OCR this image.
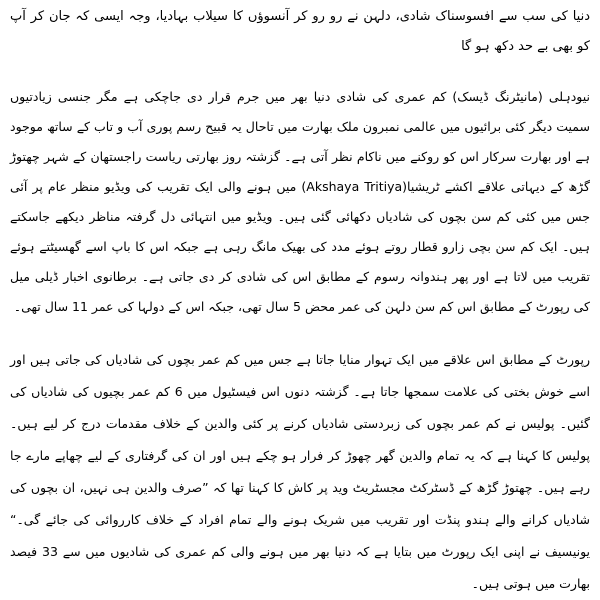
دنیا کی سب سے افسوسناک شادی، دلہن نے رو رو کر آنسوؤں کا سیلاب بہادیا، وجہ ایسی کہ جان کر آپ کو بھی بے حد دکھ ہو گا

نیودہلی (مانیٹرنگ ڈیسک) کم عمری کی شادی دنیا بھر میں جرم قرار دی جاچکی ہے مگر جنسی زیادتیوں سمیت دیگر کئی برائیوں میں عالمی نمبرون ملک بھارت میں تاحال یہ قبیح رسم پوری آب و تاب کے ساتھ موجود ہے اور بھارت سرکار اس کو روکنے میں ناکام نظر آتی ہے۔ گزشتہ روز بھارتی ریاست راجستھان کے شہر چھتوڑ گڑھ کے دیہاتی علاقے اکشے ٹریشیا(Akshaya Tritiya) میں ہونے والی ایک تقریب کی ویڈیو منظر عام پر آئی جس میں کئی کم سن بچوں کی شادیاں دکھائی گئی ہیں۔ ویڈیو میں انتہائی دل گرفتہ مناظر دیکھے جاسکتے ہیں۔ ایک کم سن بچی زارو قطار روتے ہوئے مدد کی بھیک مانگ رہی ہے جبکہ اس کا باپ اسے گھسیٹتے ہوئے تقریب میں لاتا ہے اور پھر ہندوانہ رسوم کے مطابق اس کی شادی کر دی جاتی ہے۔ برطانوی اخبار ڈیلی میل کی رپورٹ کے مطابق اس کم سن دلہن کی عمر محض 5 سال تھی، جبکہ اس کے دولہا کی عمر 11 سال تھی۔

رپورٹ کے مطابق اس علاقے میں ایک تہوار منایا جاتا ہے جس میں کم عمر بچوں کی شادیاں کی جاتی ہیں اور اسے خوش بختی کی علامت سمجھا جاتا ہے۔ گزشتہ دنوں اس فیسٹیول میں 6 کم عمر بچیوں کی شادیاں کی گئیں۔ پولیس نے کم عمر بچوں کی زبردستی شادیاں کرنے پر کئی والدین کے خلاف مقدمات درج کر لیے ہیں۔ پولیس کا کہنا ہے کہ یہ تمام والدین گھر چھوڑ کر فرار ہو چکے ہیں اور ان کی گرفتاری کے لیے چھاپے مارے جا رہے ہیں۔ چھتوڑ گڑھ کے ڈسٹرکٹ مجسٹریٹ وید پر کاش کا کہنا تھا کہ ”صرف والدین ہی نہیں، ان بچوں کی شادیاں کرانے والے ہندو پنڈت اور تقریب میں شریک ہونے والے تمام افراد کے خلاف کارروائی کی جائے گی۔“ یونیسیف نے اپنی ایک رپورٹ میں بتایا ہے کہ دنیا بھر میں ہونے والی کم عمری کی شادیوں میں سے 33 فیصد بھارت میں ہوتی ہیں۔
